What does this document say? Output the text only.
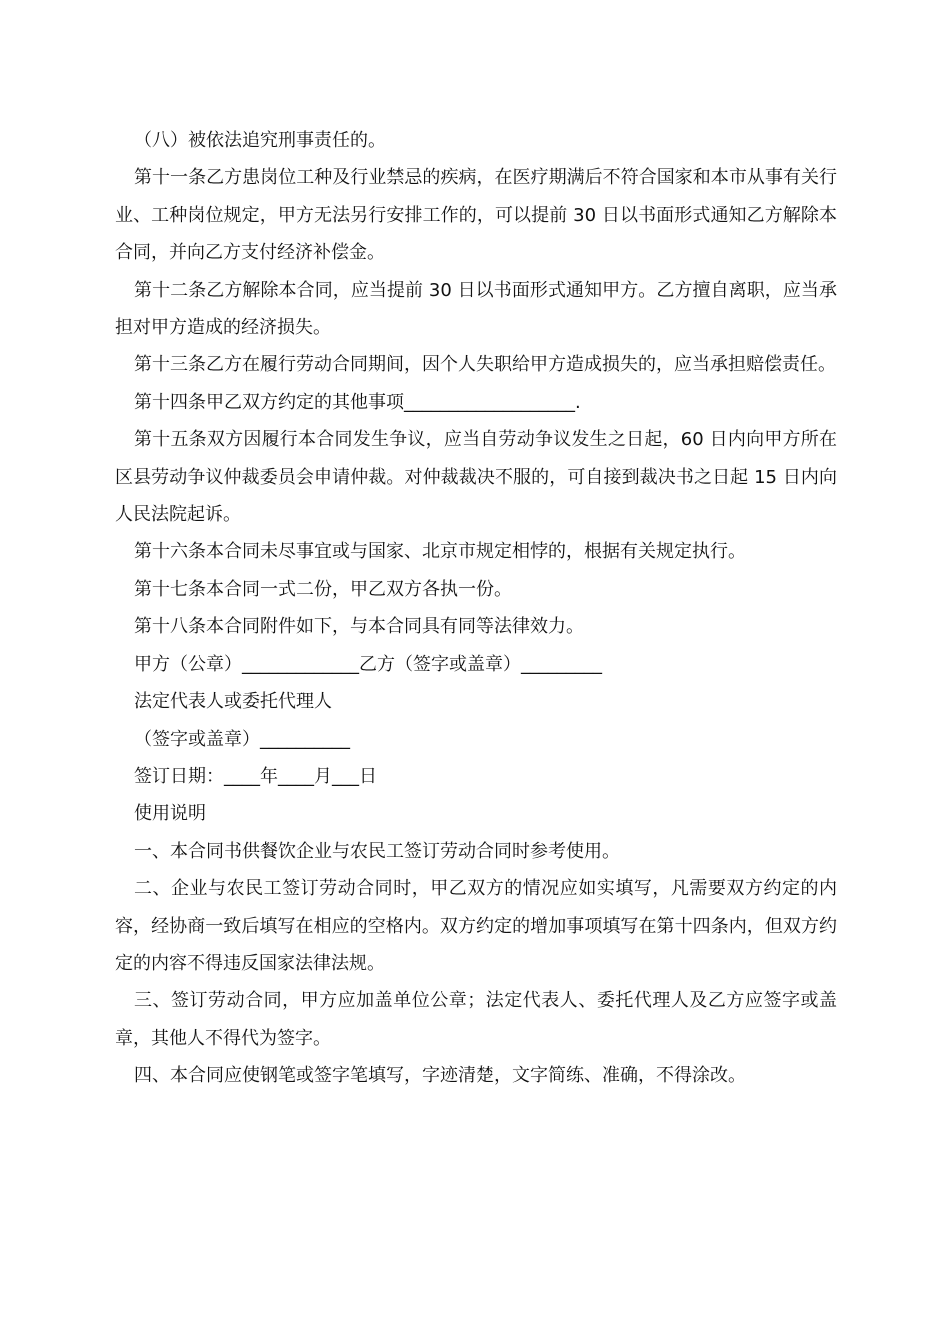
（八）被依法追究刑事责任的。

第十一条乙方患岗位工种及行业禁忌的疾病，在医疗期满后不符合国家和本市从事有关行业、工种岗位规定，甲方无法另行安排工作的，可以提前 30 日以书面形式通知乙方解除本合同，并向乙方支付经济补偿金。

第十二条乙方解除本合同，应当提前 30 日以书面形式通知甲方。乙方擅自离职，应当承担对甲方造成的经济损失。

第十三条乙方在履行劳动合同期间，因个人失职给甲方造成损失的，应当承担赔偿责任。

第十四条甲乙双方约定的其他事项___________________.

第十五条双方因履行本合同发生争议，应当自劳动争议发生之日起，60 日内向甲方所在区县劳动争议仲裁委员会申请仲裁。对仲裁裁决不服的，可自接到裁决书之日起 15 日内向人民法院起诉。

第十六条本合同未尽事宜或与国家、北京市规定相悖的，根据有关规定执行。

第十七条本合同一式二份，甲乙双方各执一份。

第十八条本合同附件如下，与本合同具有同等法律效力。

甲方（公章）_____________乙方（签字或盖章）_________

法定代表人或委托代理人

（签字或盖章）__________

签订日期：____年____月___日

使用说明

一、本合同书供餐饮企业与农民工签订劳动合同时参考使用。

二、企业与农民工签订劳动合同时，甲乙双方的情况应如实填写，凡需要双方约定的内容，经协商一致后填写在相应的空格内。双方约定的增加事项填写在第十四条内，但双方约定的内容不得违反国家法律法规。

三、签订劳动合同，甲方应加盖单位公章；法定代表人、委托代理人及乙方应签字或盖章，其他人不得代为签字。

四、本合同应使钢笔或签字笔填写，字迹清楚，文字简练、准确，不得涂改。
